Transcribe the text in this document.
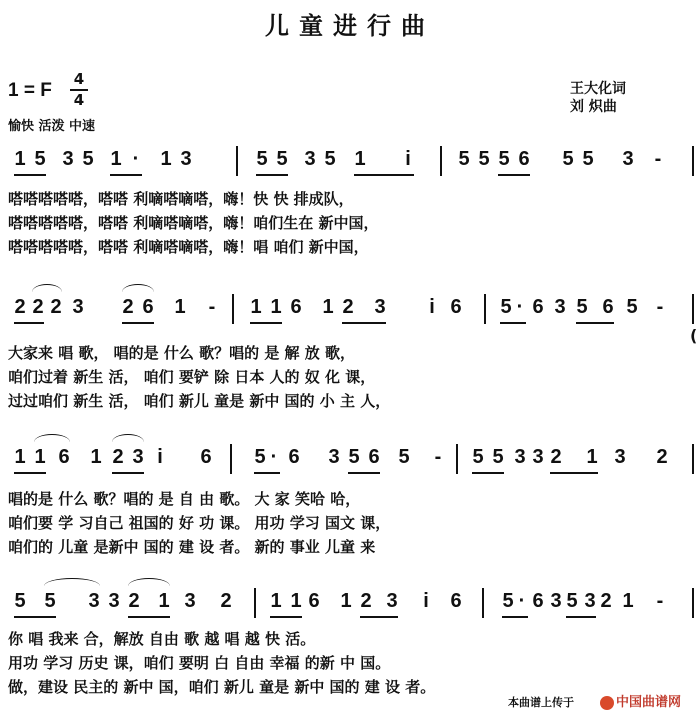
儿童进行曲
1 = F
4
4
愉快 活泼 中速
王大化词
刘 炽曲
1 5 3 5 1 · 1 3	5 5 3 5 1 i 5 5 5 6 5 5 3 -
嗒嗒嗒嗒嗒，嗒嗒 利嘀嗒嘀嗒，嗨！快 快 排成队，
嗒嗒嗒嗒嗒，嗒嗒 利嘀嗒嘀嗒，嗨！咱们生在 新中国，
嗒嗒嗒嗒嗒，嗒嗒 利嘀嗒嘀嗒，嗨！唱 咱们 新中国，
2 2 2 3 2 6 1 - 1 1 6 1 2 3 i 6 5 · 6 3 5 6 5 -
大家来 唱 歌， 唱的是 什么 歌？唱的 是 解 放 歌，
咱们过着 新生 活， 咱们 要铲 除 日本 人的 奴 化 课，
过过咱们 新生 活， 咱们 新儿 童是 新中 国的 小 主 人，
1 1 6 1 2 3 i 6 5 · 6 3 5 6 5 - 5 5 3 3 2 1 3 2
唱的是 什么 歌？唱的 是 自 由 歌。 大 家 笑哈 哈，
咱们要 学 习自己 祖国的 好 功 课。 用功 学习 国文 课，
咱们的 儿童 是新中 国的 建 设 者。 新的 事业 儿童 来
5 5 3 3 2 1 3 2 1 1 6 1 2 3 i 6 5 · 6 3 5 3 2 1 -
你 唱 我来 合，解放 自由 歌 越 唱 越 快 活。
用功 学习 历史 课，咱们 要明 白 自由 幸福 的新 中 国。
做，建设 民主的 新中 国，咱们 新儿 童是 新中 国的 建 设 者。
(
本曲谱上传于	中国曲谱网
